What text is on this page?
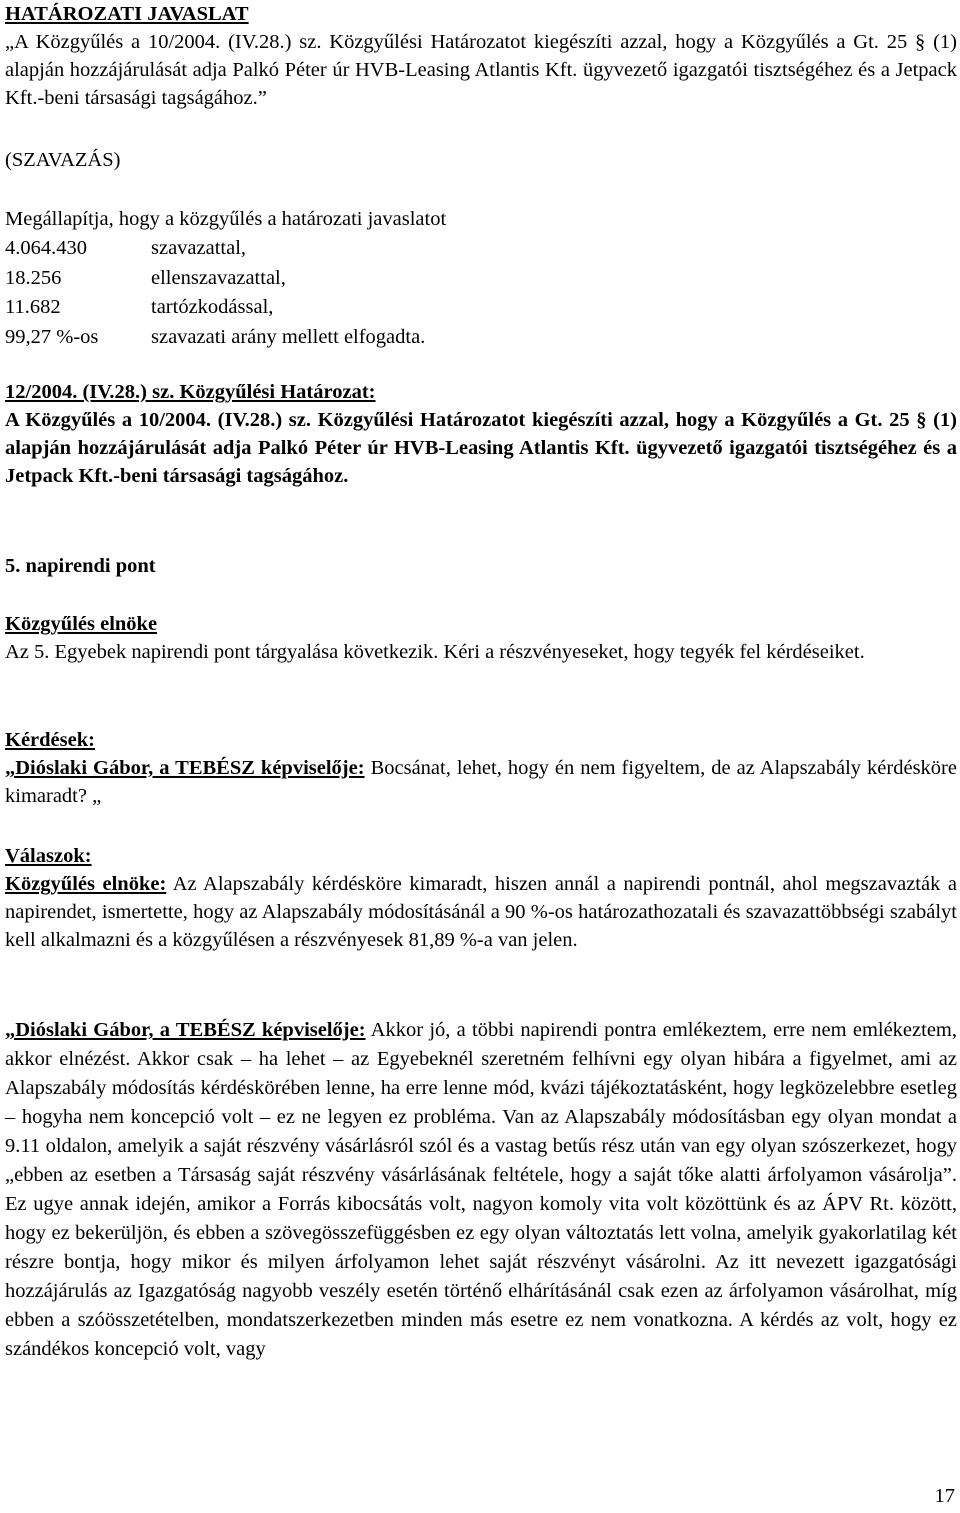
HATÁROZATI JAVASLAT

„A Közgyűlés a 10/2004. (IV.28.) sz. Közgyűlési Határozatot kiegészíti azzal, hogy a Közgyűlés a Gt. 25 § (1) alapján hozzájárulását adja Palkó Péter úr HVB-Leasing Atlantis Kft. ügyvezető igazgatói tisztségéhez és a Jetpack Kft.-beni társasági tagságához.”

(SZAVAZÁS)

Megállapítja, hogy a közgyűlés a határozati javaslatot

4.064.430	szavazattal,
18.256	ellenszavazattal,
11.682	tartózkodással,
99,27 %-os	szavazati arány mellett elfogadta.

12/2004. (IV.28.) sz. Közgyűlési Határozat:

A Közgyűlés a 10/2004. (IV.28.) sz. Közgyűlési Határozatot kiegészíti azzal, hogy a Közgyűlés a Gt. 25 § (1) alapján hozzájárulását adja Palkó Péter úr HVB-Leasing Atlantis Kft. ügyvezető igazgatói tisztségéhez és a Jetpack Kft.-beni társasági tagságához.

5. napirendi pont

Közgyűlés elnöke

Az 5. Egyebek napirendi pont tárgyalása következik. Kéri a részvényeseket, hogy tegyék fel kérdéseiket.

Kérdések:

„Dióslaki Gábor, a TEBÉSZ képviselője: Bocsánat, lehet, hogy én nem figyeltem, de az Alapszabály kérdésköre kimaradt? „

Válaszok:

Közgyűlés elnöke: Az Alapszabály kérdésköre kimaradt, hiszen annál a napirendi pontnál, ahol megszavazták a napirendet, ismertette, hogy az Alapszabály módosításánál a 90 %-os határozathozatali és szavazattöbbségi szabályt kell alkalmazni és a közgyűlésen a részvényesek 81,89 %-a van jelen.

„Dióslaki Gábor, a TEBÉSZ képviselője: Akkor jó, a többi napirendi pontra emlékeztem, erre nem emlékeztem, akkor elnézést. Akkor csak – ha lehet – az Egyebeknél szeretném felhívni egy olyan hibára a figyelmet, ami az Alapszabály módosítás kérdéskörében lenne, ha erre lenne mód, kvázi tájékoztatásként, hogy legközelebbre esetleg – hogyha nem koncepció volt – ez ne legyen ez probléma. Van az Alapszabály módosításban egy olyan mondat a 9.11 oldalon, amelyik a saját részvény vásárlásról szól és a vastag betűs rész után van egy olyan szószerkezet, hogy „ebben az esetben a Társaság saját részvény vásárlásának feltétele, hogy a saját tőke alatti árfolyamon vásárolja”. Ez ugye annak idején, amikor a Forrás kibocsátás volt, nagyon komoly vita volt közöttünk és az ÁPV Rt. között, hogy ez bekerüljön, és ebben a szövegösszefüggésben ez egy olyan változtatás lett volna, amelyik gyakorlatilag két részre bontja, hogy mikor és milyen árfolyamon lehet saját részvényt vásárolni. Az itt nevezett igazgatósági hozzájárulás az Igazgatóság nagyobb veszély esetén történő elhárításánál csak ezen az árfolyamon vásárolhat, míg ebben a szóösszetételben, mondatszerkezetben minden más esetre ez nem vonatkozna. A kérdés az volt, hogy ez szándékos koncepció volt, vagy

17
